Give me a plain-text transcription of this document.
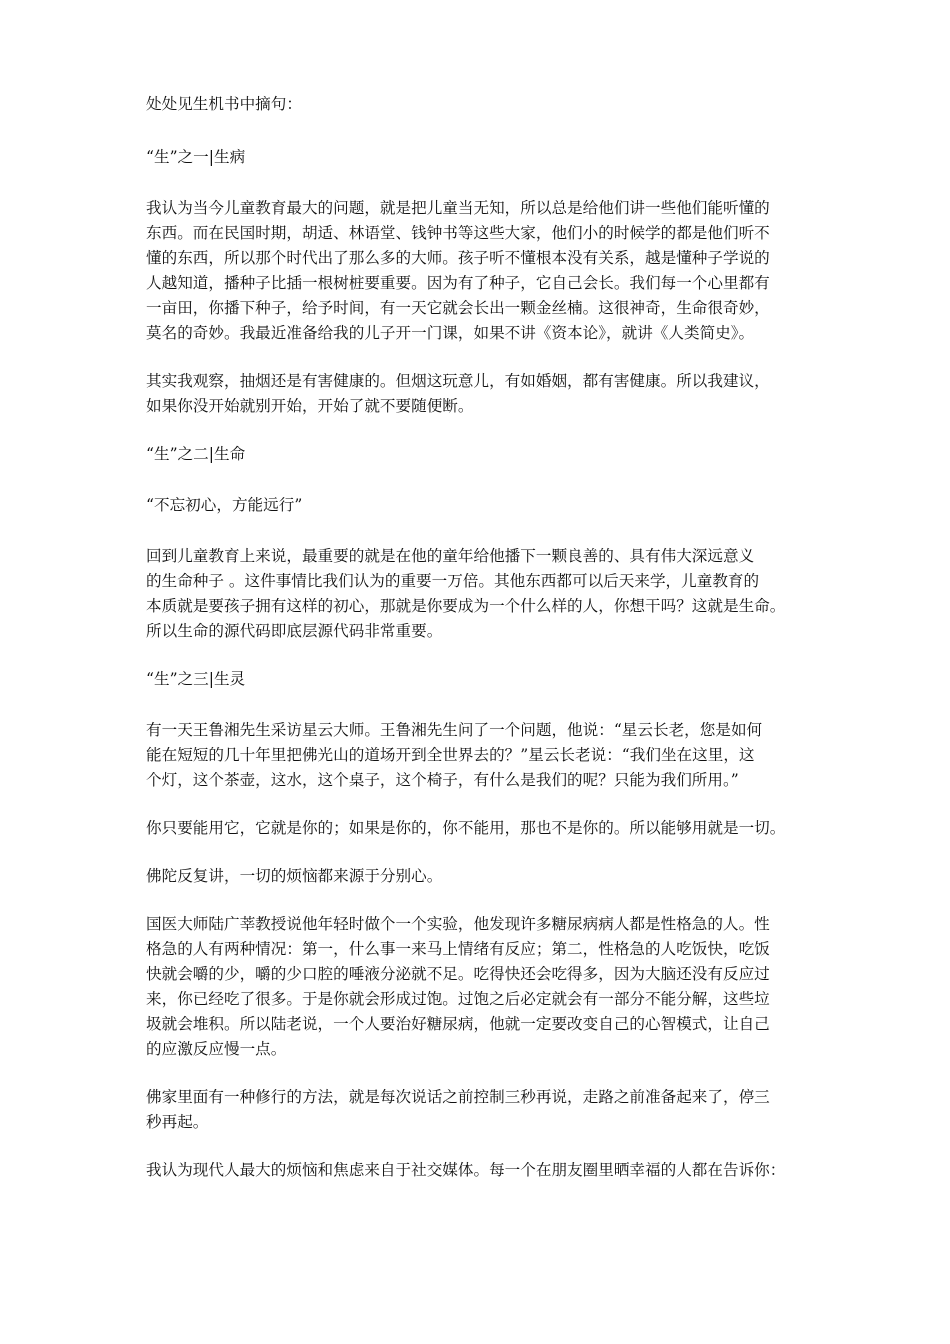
处处见生机书中摘句：

“生”之一|生病

我认为当今儿童教育最大的问题，就是把儿童当无知，所以总是给他们讲一些他们能听懂的
东西。而在民国时期，胡适、林语堂、钱钟书等这些大家，他们小的时候学的都是他们听不
懂的东西，所以那个时代出了那么多的大师。孩子听不懂根本没有关系，越是懂种子学说的
人越知道，播种子比插一根树桩要重要。因为有了种子，它自己会长。我们每一个心里都有
一亩田，你播下种子，给予时间，有一天它就会长出一颗金丝楠。这很神奇，生命很奇妙，
莫名的奇妙。我最近准备给我的儿子开一门课，如果不讲《资本论》，就讲《人类简史》。
其实我观察，抽烟还是有害健康的。但烟这玩意儿，有如婚姻，都有害健康。所以我建议，
如果你没开始就别开始，开始了就不要随便断。

“生”之二|生命

“不忘初心，方能远行”

回到儿童教育上来说，最重要的就是在他的童年给他播下一颗良善的、具有伟大深远意义
的生命种子 。这件事情比我们认为的重要一万倍。其他东西都可以后天来学，儿童教育的
本质就是要孩子拥有这样的初心，那就是你要成为一个什么样的人，你想干吗？这就是生命。
所以生命的源代码即底层源代码非常重要。

“生”之三|生灵

有一天王鲁湘先生采访星云大师。王鲁湘先生问了一个问题，他说：“星云长老，您是如何
能在短短的几十年里把佛光山的道场开到全世界去的？”星云长老说：“我们坐在这里，这
个灯，这个茶壶，这水，这个桌子，这个椅子，有什么是我们的呢？只能为我们所用。”
你只要能用它，它就是你的；如果是你的，你不能用，那也不是你的。所以能够用就是一切。
佛陀反复讲，一切的烦恼都来源于分别心。
国医大师陆广莘教授说他年轻时做个一个实验，他发现许多糖尿病病人都是性格急的人。性
格急的人有两种情况：第一，什么事一来马上情绪有反应；第二，性格急的人吃饭快，吃饭
快就会嚼的少，嚼的少口腔的唾液分泌就不足。吃得快还会吃得多，因为大脑还没有反应过
来，你已经吃了很多。于是你就会形成过饱。过饱之后必定就会有一部分不能分解，这些垃
圾就会堆积。所以陆老说，一个人要治好糖尿病，他就一定要改变自己的心智模式，让自己
的应激反应慢一点。
佛家里面有一种修行的方法，就是每次说话之前控制三秒再说，走路之前准备起来了，停三
秒再起。
我认为现代人最大的烦恼和焦虑来自于社交媒体。每一个在朋友圈里晒幸福的人都在告诉你：
